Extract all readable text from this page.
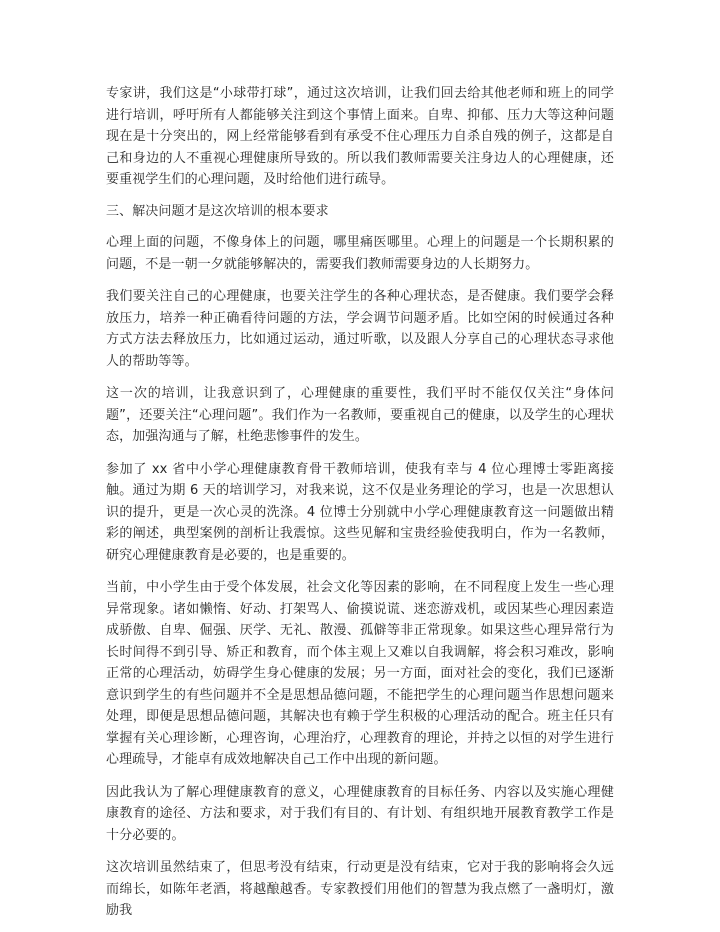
专家讲，我们这是“小球带打球”，通过这次培训，让我们回去给其他老师和班上的同学进行培训，呼吁所有人都能够关注到这个事情上面来。自卑、抑郁、压力大等这种问题现在是十分突出的，网上经常能够看到有承受不住心理压力自杀自残的例子，这都是自己和身边的人不重视心理健康所导致的。所以我们教师需要关注身边人的心理健康，还要重视学生们的心理问题，及时给他们进行疏导。

三、解决问题才是这次培训的根本要求

心理上面的问题，不像身体上的问题，哪里痛医哪里。心理上的问题是一个长期积累的问题，不是一朝一夕就能够解决的，需要我们教师需要身边的人长期努力。

我们要关注自己的心理健康，也要关注学生的各种心理状态，是否健康。我们要学会释放压力，培养一种正确看待问题的方法，学会调节问题矛盾。比如空闲的时候通过各种方式方法去释放压力，比如通过运动，通过听歌，以及跟人分享自己的心理状态寻求他人的帮助等等。

这一次的培训，让我意识到了，心理健康的重要性，我们平时不能仅仅关注“身体问题”，还要关注“心理问题”。我们作为一名教师，要重视自己的健康，以及学生的心理状态，加强沟通与了解，杜绝悲惨事件的发生。

参加了 xx 省中小学心理健康教育骨干教师培训，使我有幸与 4 位心理博士零距离接触。通过为期 6 天的培训学习，对我来说，这不仅是业务理论的学习，也是一次思想认识的提升，更是一次心灵的洗涤。4 位博士分别就中小学心理健康教育这一问题做出精彩的阐述，典型案例的剖析让我震惊。这些见解和宝贵经验使我明白，作为一名教师，研究心理健康教育是必要的，也是重要的。

当前，中小学生由于受个体发展，社会文化等因素的影响，在不同程度上发生一些心理异常现象。诸如懒惰、好动、打架骂人、偷摸说谎、迷恋游戏机，或因某些心理因素造成骄傲、自卑、倔强、厌学、无礼、散漫、孤僻等非正常现象。如果这些心理异常行为长时间得不到引导、矫正和教育，而个体主观上又难以自我调解，将会积习难改，影响正常的心理活动，妨碍学生身心健康的发展；另一方面，面对社会的变化，我们已逐渐意识到学生的有些问题并不全是思想品德问题，不能把学生的心理问题当作思想问题来处理，即便是思想品德问题，其解决也有赖于学生积极的心理活动的配合。班主任只有掌握有关心理诊断，心理咨询，心理治疗，心理教育的理论，并持之以恒的对学生进行心理疏导，才能卓有成效地解决自己工作中出现的新问题。

因此我认为了解心理健康教育的意义，心理健康教育的目标任务、内容以及实施心理健康教育的途径、方法和要求，对于我们有目的、有计划、有组织地开展教育教学工作是十分必要的。

这次培训虽然结束了，但思考没有结束，行动更是没有结束，它对于我的影响将会久远而绵长，如陈年老酒，将越酿越香。专家教授们用他们的智慧为我点燃了一盏明灯，激励我
